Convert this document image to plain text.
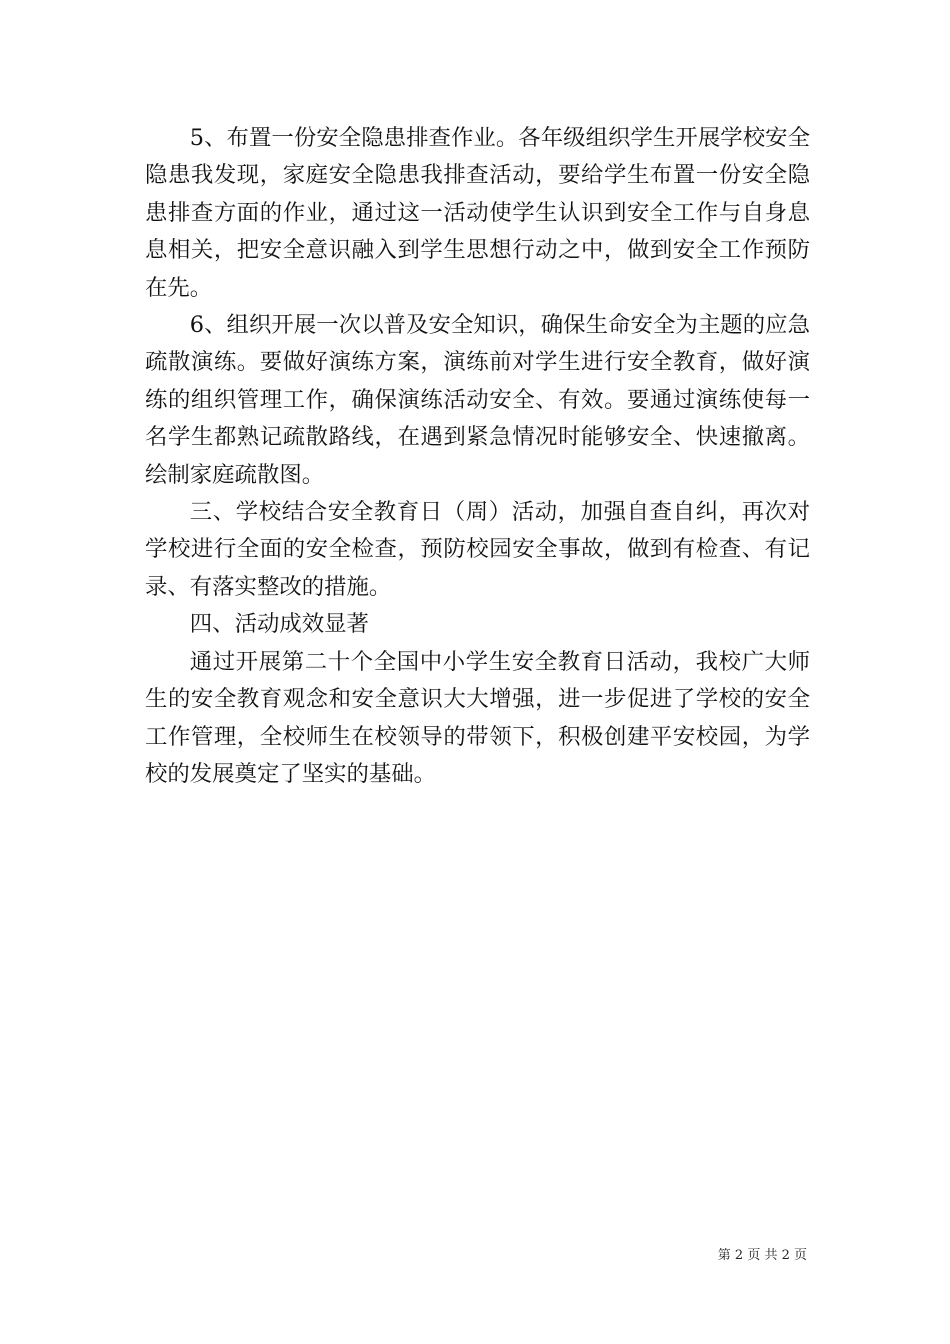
5、布置一份安全隐患排查作业。各年级组织学生开展学校安全隐患我发现，家庭安全隐患我排查活动，要给学生布置一份安全隐患排查方面的作业，通过这一活动使学生认识到安全工作与自身息息相关，把安全意识融入到学生思想行动之中，做到安全工作预防在先。

6、组织开展一次以普及安全知识，确保生命安全为主题的应急疏散演练。要做好演练方案，演练前对学生进行安全教育，做好演练的组织管理工作，确保演练活动安全、有效。要通过演练使每一名学生都熟记疏散路线，在遇到紧急情况时能够安全、快速撤离。绘制家庭疏散图。

三、学校结合安全教育日（周）活动，加强自查自纠，再次对学校进行全面的安全检查，预防校园安全事故，做到有检查、有记录、有落实整改的措施。

四、活动成效显著

通过开展第二十个全国中小学生安全教育日活动，我校广大师生的安全教育观念和安全意识大大增强，进一步促进了学校的安全工作管理，全校师生在校领导的带领下，积极创建平安校园，为学校的发展奠定了坚实的基础。

第 2 页 共 2 页
